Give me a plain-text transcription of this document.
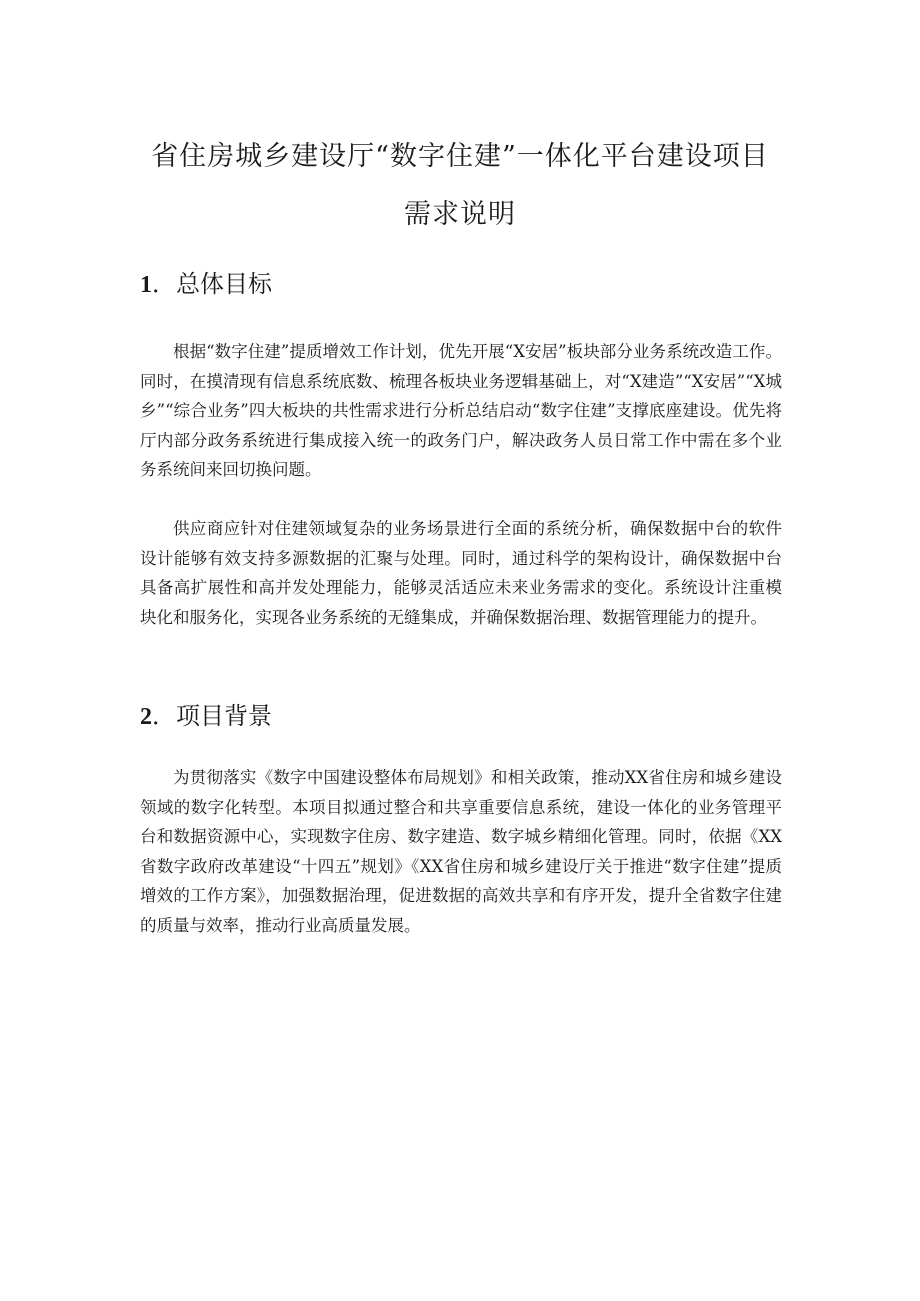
省住房城乡建设厅“数字住建”一体化平台建设项目需求说明
1．总体目标

根据“数字住建”提质增效工作计划，优先开展“X安居”板块部分业务系统改造工作。同时，在摸清现有信息系统底数、梳理各板块业务逻辑基础上，对“X建造”“X安居”“X城乡”“综合业务”四大板块的共性需求进行分析总结启动“数字住建”支撑底座建设。优先将厅内部分政务系统进行集成接入统一的政务门户，解决政务人员日常工作中需在多个业务系统间来回切换问题。

供应商应针对住建领域复杂的业务场景进行全面的系统分析，确保数据中台的软件设计能够有效支持多源数据的汇聚与处理。同时，通过科学的架构设计，确保数据中台具备高扩展性和高并发处理能力，能够灵活适应未来业务需求的变化。系统设计注重模块化和服务化，实现各业务系统的无缝集成，并确保数据治理、数据管理能力的提升。

2．项目背景

为贯彻落实《数字中国建设整体布局规划》和相关政策，推动XX省住房和城乡建设领域的数字化转型。本项目拟通过整合和共享重要信息系统，建设一体化的业务管理平台和数据资源中心，实现数字住房、数字建造、数字城乡精细化管理。同时，依据《XX省数字政府改革建设“十四五”规划》《XX省住房和城乡建设厅关于推进“数字住建”提质增效的工作方案》，加强数据治理，促进数据的高效共享和有序开发，提升全省数字住建的质量与效率，推动行业高质量发展。
